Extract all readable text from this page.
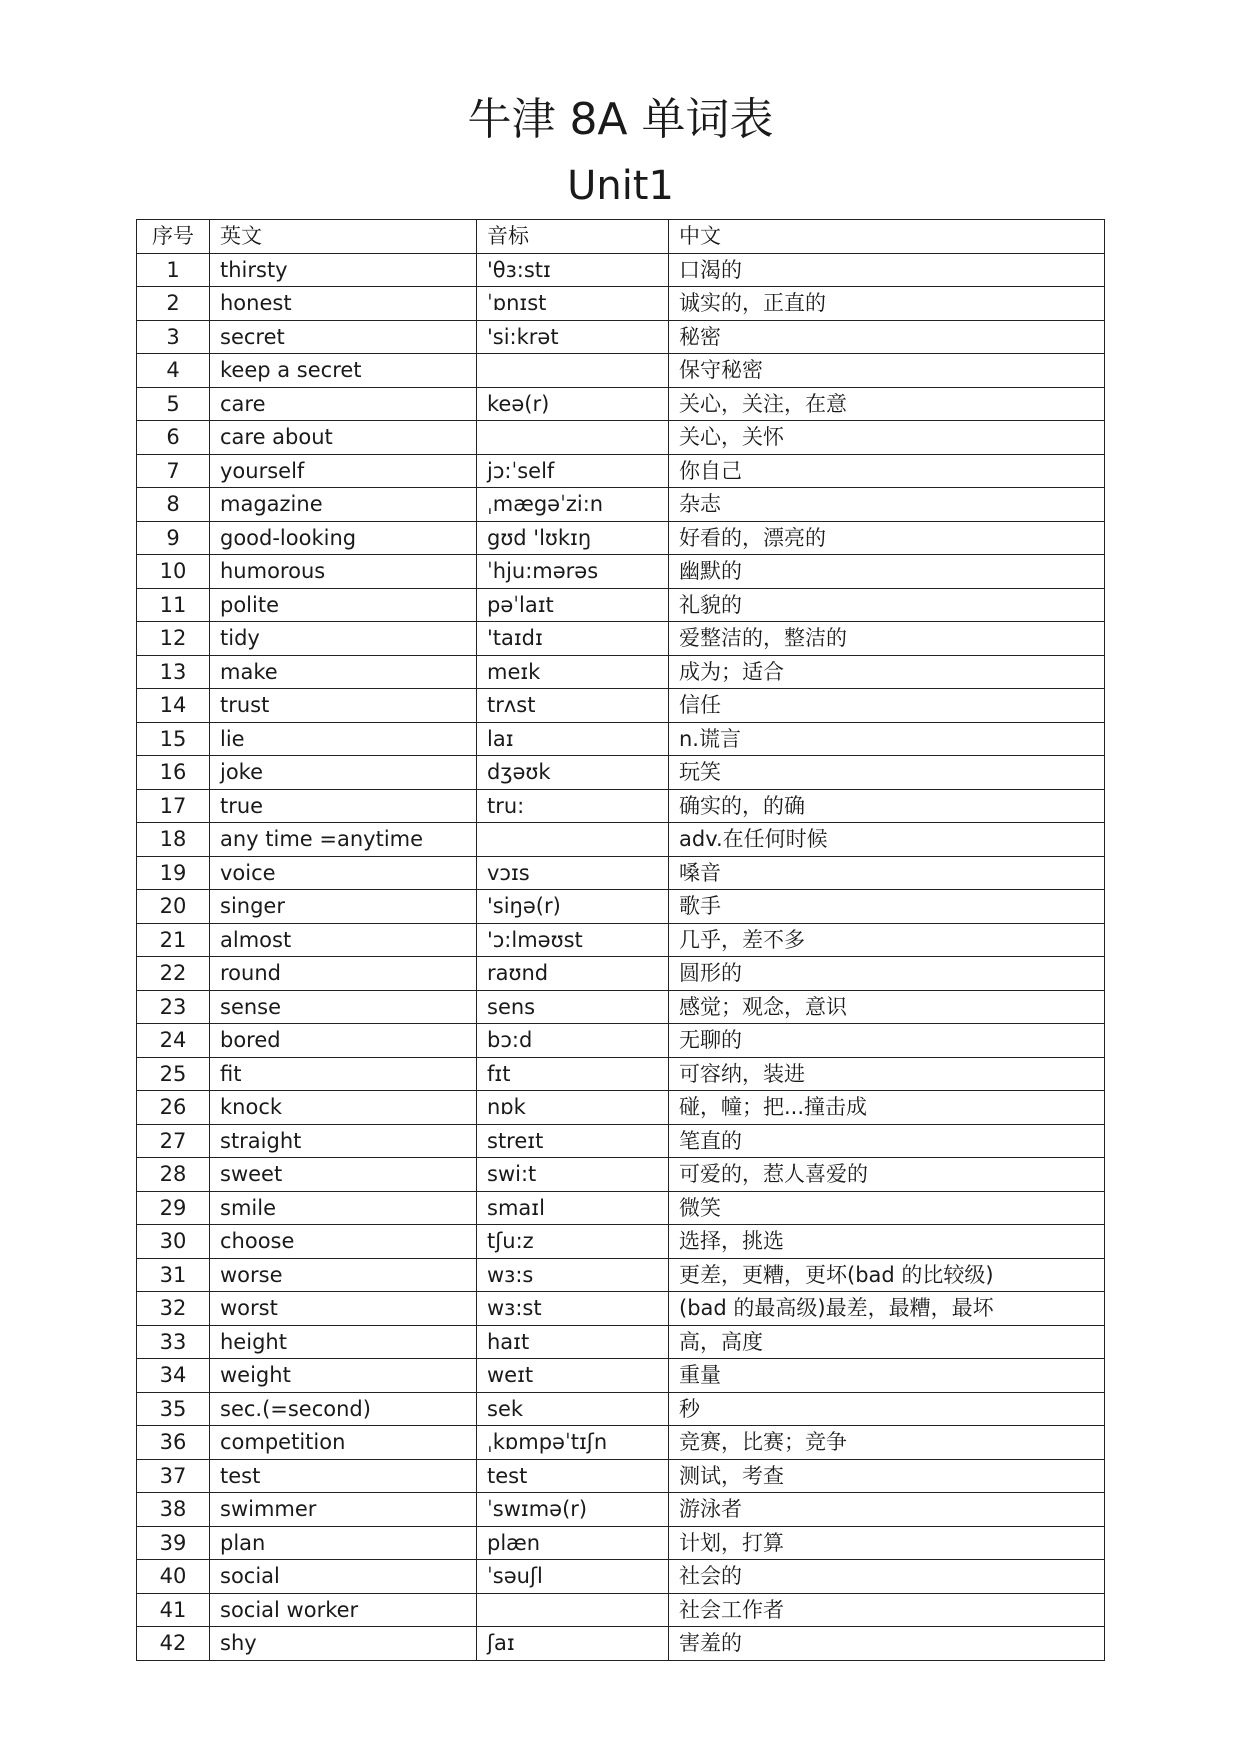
牛津 8A 单词表
Unit1
序号	英文	音标	中文
1	thirsty	'θɜ:stɪ	口渴的
2	honest	ˈɒnɪst	诚实的，正直的
3	secret	'si:krət	秘密
4	keep a secret		保守秘密
5	care	keə(r)	关心，关注，在意
6	care about		关心，关怀
7	yourself	jɔ:ˈself	你自己
8	magazine	ˌmægəˈzi:n	杂志
9	good-looking	gʊd 'lʊkɪŋ	好看的，漂亮的
10	humorous	ˈhju:mərəs	幽默的
11	polite	pəˈlaɪt	礼貌的
12	tidy	'taɪdɪ	爱整洁的，整洁的
13	make	meɪk	成为；适合
14	trust	trʌst	信任
15	lie	laɪ	n.谎言
16	joke	dʒəʊk	玩笑
17	true	tru:	确实的，的确
18	any time =anytime		adv.在任何时候
19	voice	vɔɪs	嗓音
20	singer	'siŋə(r)	歌手
21	almost	'ɔ:lməʊst	几乎，差不多
22	round	raʊnd	圆形的
23	sense	sens	感觉；观念，意识
24	bored	bɔ:d	无聊的
25	fit	fɪt	可容纳，装进
26	knock	nɒk	碰，幢；把...撞击成
27	straight	streɪt	笔直的
28	sweet	swi:t	可爱的，惹人喜爱的
29	smile	smaɪl	微笑
30	choose	tʃu:z	选择，挑选
31	worse	wɜ:s	更差，更糟，更坏(bad 的比较级)
32	worst	wɜ:st	(bad 的最高级)最差，最糟，最坏
33	height	haɪt	高，高度
34	weight	weɪt	重量
35	sec.(=second)	sek	秒
36	competition	ˌkɒmpəˈtɪʃn	竞赛，比赛；竞争
37	test	test	测试，考查
38	swimmer	ˈswɪmə(r)	游泳者
39	plan	plæn	计划，打算
40	social	ˈsəuʃl	社会的
41	social worker		社会工作者
42	shy	ʃaɪ	害羞的
